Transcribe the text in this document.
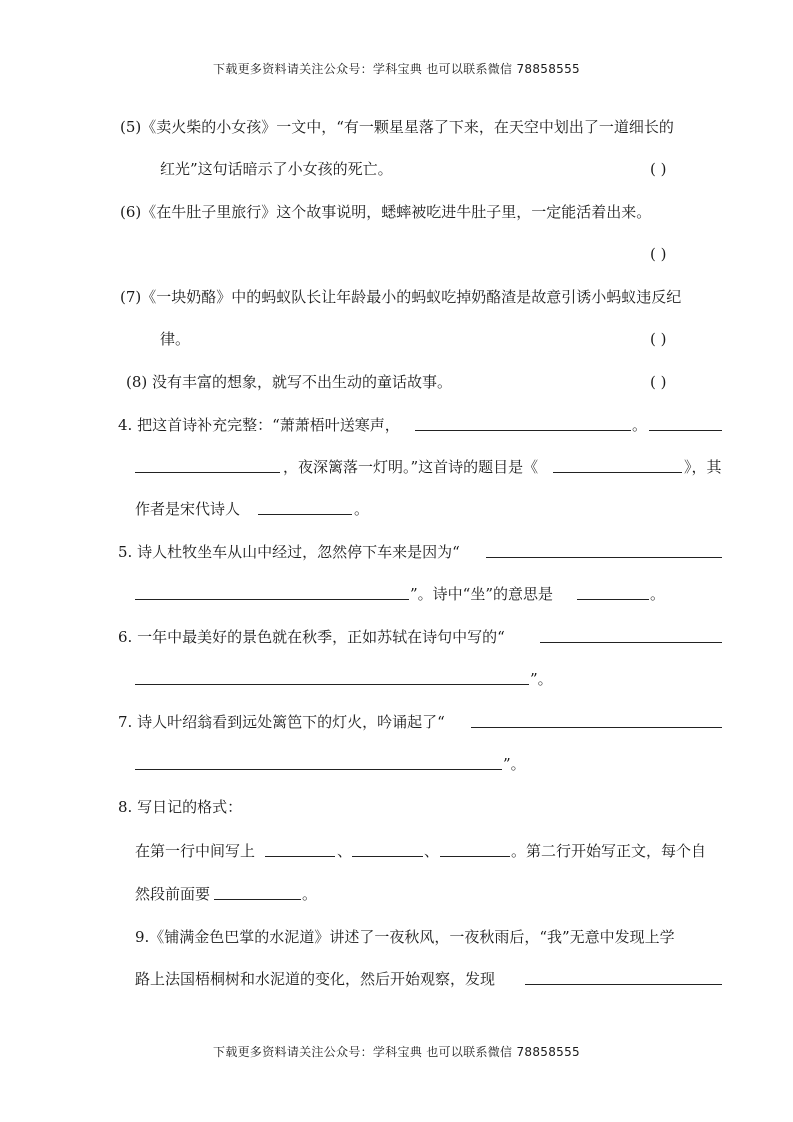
下载更多资料请关注公众号：学科宝典 也可以联系微信 78858555
(5)《卖火柴的小女孩》一文中，“有一颗星星落了下来，在天空中划出了一道细长的
红光”这句话暗示了小女孩的死亡。	( )
(6)《在牛肚子里旅行》这个故事说明，蟋蟀被吃进牛肚子里，一定能活着出来。
( )
(7)《一块奶酪》中的蚂蚁队长让年龄最小的蚂蚁吃掉奶酪渣是故意引诱小蚂蚁违反纪
律。	( )
(8) 没有丰富的想象，就写不出生动的童话故事。	( )
4. 把这首诗补充完整：“萧萧梧叶送寒声，	。
，夜深篱落一灯明。”这首诗的题目是《	》，其
作者是宋代诗人	。
5. 诗人杜牧坐车从山中经过，忽然停下车来是因为“
”。诗中“坐”的意思是	。
6. 一年中最美好的景色就在秋季，正如苏轼在诗句中写的“
”。
7. 诗人叶绍翁看到远处篱笆下的灯火，吟诵起了“
”。
8. 写日记的格式：
在第一行中间写上	、	、	。第二行开始写正文，每个自
然段前面要	。
9.《铺满金色巴掌的水泥道》讲述了一夜秋风，一夜秋雨后，“我”无意中发现上学
路上法国梧桐树和水泥道的变化，然后开始观察，发现
下载更多资料请关注公众号：学科宝典 也可以联系微信 78858555
